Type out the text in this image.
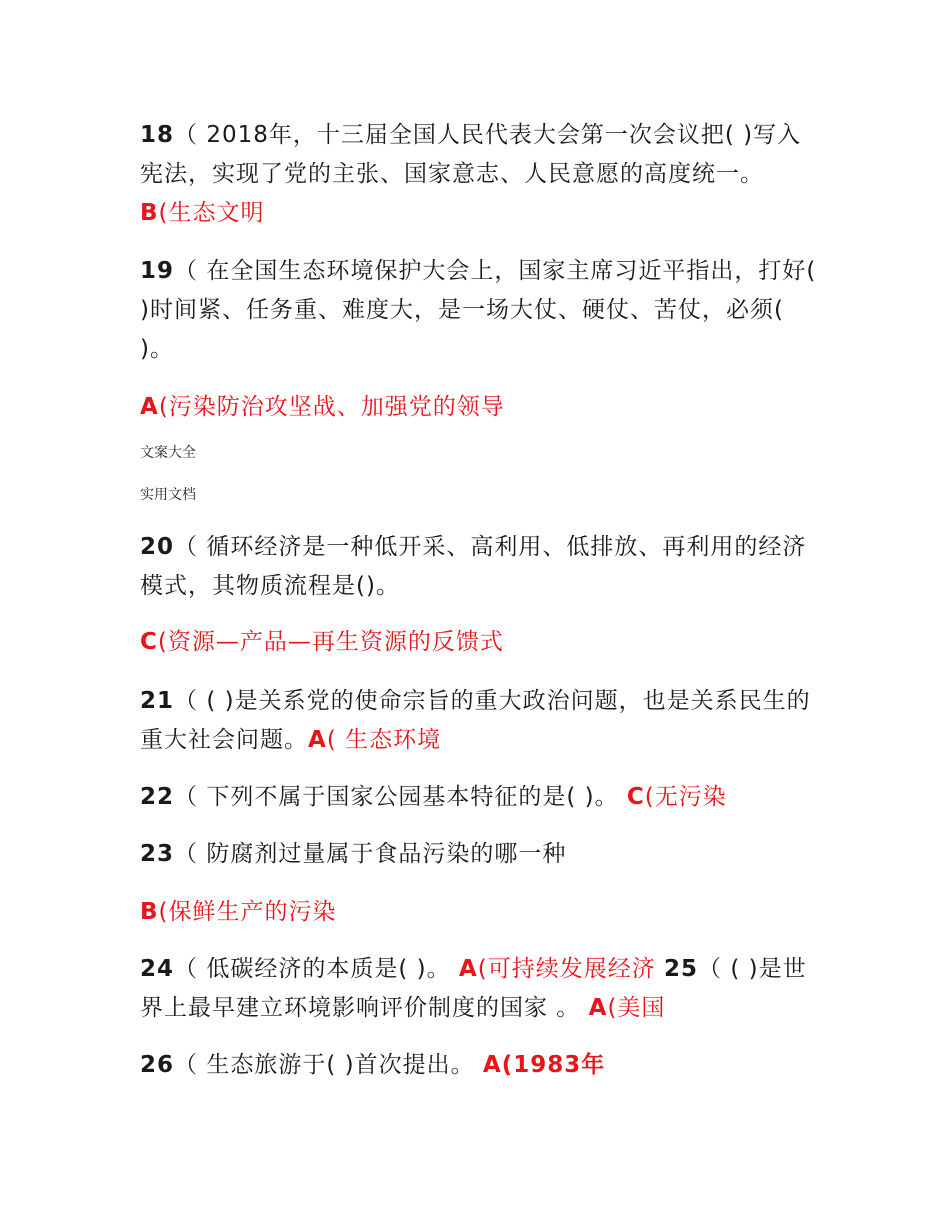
18（ 2018年，十三届全国人民代表大会第一次会议把( )写入宪法，实现了党的主张、国家意志、人民意愿的高度统一。 B(生态文明

19（ 在全国生态环境保护大会上，国家主席习近平指出，打好( )时间紧、任务重、难度大，是一场大仗、硬仗、苦仗，必须( )。

A(污染防治攻坚战、加强党的领导

文案大全

实用文档

20（ 循环经济是一种低开采、高利用、低排放、再利用的经济模式，其物质流程是()。

C(资源—产品—再生资源的反馈式

21（ ( )是关系党的使命宗旨的重大政治问题，也是关系民生的重大社会问题。A( 生态环境

22（ 下列不属于国家公园基本特征的是( )。 C(无污染

23（ 防腐剂过量属于食品污染的哪一种

B(保鲜生产的污染

24（ 低碳经济的本质是( )。 A(可持续发展经济 25（ ( )是世界上最早建立环境影响评价制度的国家 。 A(美国

26（ 生态旅游于( )首次提出。 A(1983年
